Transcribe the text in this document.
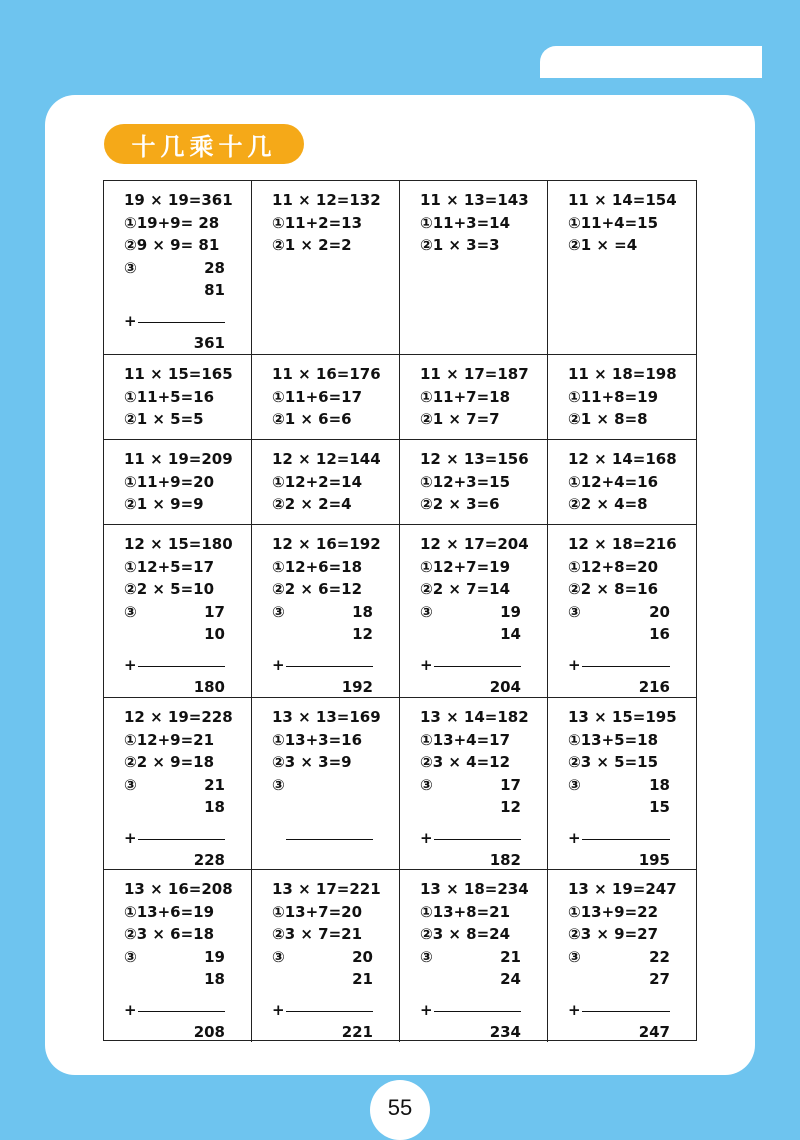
十几乘十几
19 × 19=361
①19+9= 28
②9 × 9= 81
③	28
81
+
361
11 × 12=132
①11+2=13
②1 × 2=2
11 × 13=143
①11+3=14
②1 × 3=3
11 × 14=154
①11+4=15
②1 × =4
11 × 15=165
①11+5=16
②1 × 5=5
11 × 16=176
①11+6=17
②1 × 6=6
11 × 17=187
①11+7=18
②1 × 7=7
11 × 18=198
①11+8=19
②1 × 8=8
11 × 19=209
①11+9=20
②1 × 9=9
12 × 12=144
①12+2=14
②2 × 2=4
12 × 13=156
①12+3=15
②2 × 3=6
12 × 14=168
①12+4=16
②2 × 4=8
12 × 15=180
①12+5=17
②2 × 5=10
③	17
10
+
180
12 × 16=192
①12+6=18
②2 × 6=12
③	18
12
+
192
12 × 17=204
①12+7=19
②2 × 7=14
③	19
14
+
204
12 × 18=216
①12+8=20
②2 × 8=16
③	20
16
+
216
12 × 19=228
①12+9=21
②2 × 9=18
③	21
18
+
228
13 × 13=169
①13+3=16
②3 × 3=9
③
13 × 14=182
①13+4=17
②3 × 4=12
③	17
12
+
182
13 × 15=195
①13+5=18
②3 × 5=15
③	18
15
+
195
13 × 16=208
①13+6=19
②3 × 6=18
③	19
18
+
208
13 × 17=221
①13+7=20
②3 × 7=21
③	20
21
+
221
13 × 18=234
①13+8=21
②3 × 8=24
③	21
24
+
234
13 × 19=247
①13+9=22
②3 × 9=27
③	22
27
+
247
55
